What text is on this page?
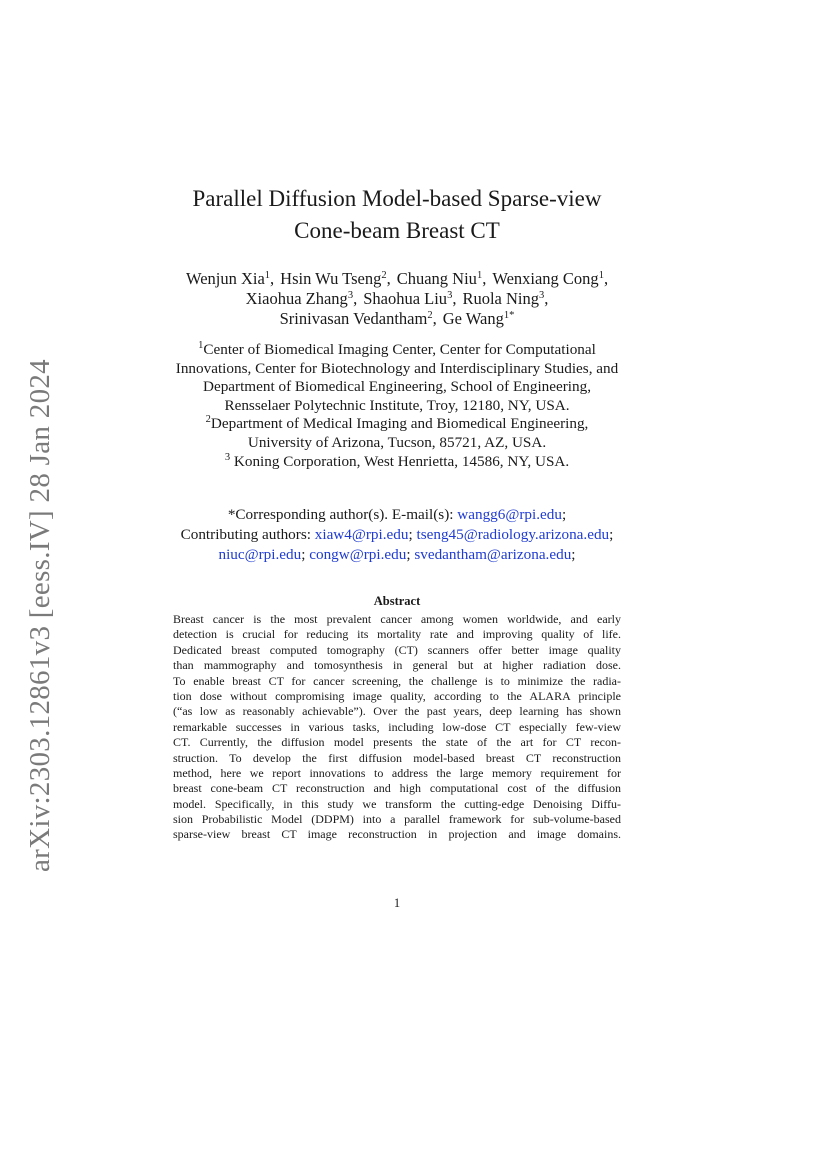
arXiv:2303.12861v3 [eess.IV] 28 Jan 2024
Parallel Diffusion Model-based Sparse-view
Cone-beam Breast CT
Wenjun Xia$^1$, Hsin Wu Tseng$^2$, Chuang Niu$^1$, Wenxiang Cong$^1$,
Xiaohua Zhang$^3$, Shaohua Liu$^3$, Ruola Ning$^3$,
Srinivasan Vedantham$^2$, Ge Wang$^{1*}$
$^1$Center of Biomedical Imaging Center, Center for Computational
Innovations, Center for Biotechnology and Interdisciplinary Studies, and
Department of Biomedical Engineering, School of Engineering,
Rensselaer Polytechnic Institute, Troy, 12180, NY, USA.
$^2$Department of Medical Imaging and Biomedical Engineering,
University of Arizona, Tucson, 85721, AZ, USA.
$^3$ Koning Corporation, West Henrietta, 14586, NY, USA.
*Corresponding author(s). E-mail(s): wangg6@rpi.edu;
Contributing authors: xiaw4@rpi.edu; tseng45@radiology.arizona.edu;
niuc@rpi.edu; congw@rpi.edu; svedantham@arizona.edu;
Abstract
Breast cancer is the most prevalent cancer among women worldwide, and early
detection is crucial for reducing its mortality rate and improving quality of life.
Dedicated breast computed tomography (CT) scanners offer better image quality
than mammography and tomosynthesis in general but at higher radiation dose.
To enable breast CT for cancer screening, the challenge is to minimize the radia-
tion dose without compromising image quality, according to the ALARA principle
(“as low as reasonably achievable”). Over the past years, deep learning has shown
remarkable successes in various tasks, including low-dose CT especially few-view
CT. Currently, the diffusion model presents the state of the art for CT recon-
struction. To develop the first diffusion model-based breast CT reconstruction
method, here we report innovations to address the large memory requirement for
breast cone-beam CT reconstruction and high computational cost of the diffusion
model. Specifically, in this study we transform the cutting-edge Denoising Diffu-
sion Probabilistic Model (DDPM) into a parallel framework for sub-volume-based
sparse-view breast CT image reconstruction in projection and image domains.
1
